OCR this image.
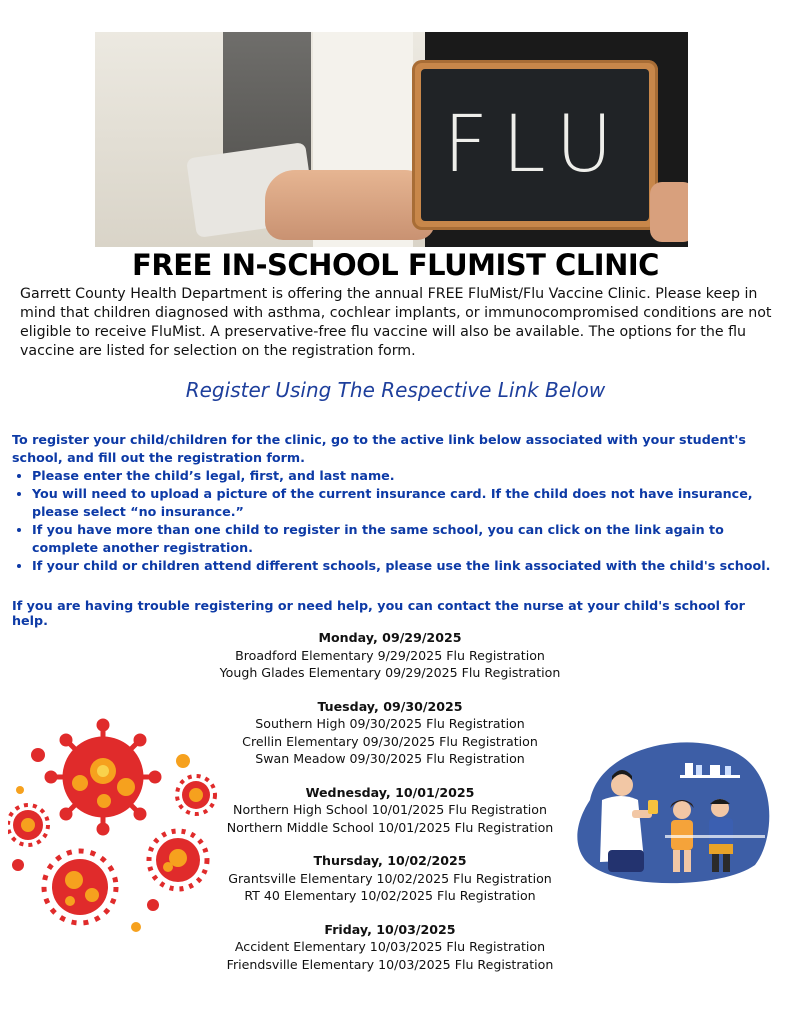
FLU
FREE IN-SCHOOL FLUMIST CLINIC
Garrett County Health Department is offering the annual FREE FluMist/Flu Vaccine Clinic. Please keep in mind that children diagnosed with asthma, cochlear implants, or immunocompromised conditions are not eligible to receive FluMist. A preservative-free flu vaccine will also be available. The options for the flu vaccine are listed for selection on the registration form.
Register Using The Respective Link Below
To register your child/children for the clinic, go to the active link below associated with your student's school, and fill out the registration form.
• Please enter the child’s legal, first, and last name.
• You will need to upload a picture of the current insurance card. If the child does not have insurance, please select “no insurance.”
• If you have more than one child to register in the same school, you can click on the link again to complete another registration.
• If your child or children attend different schools, please use the link associated with the child's school.
If you are having trouble registering or need help, you can contact the nurse at your child's school for help.
Monday, 09/29/2025
Broadford Elementary 9/29/2025 Flu Registration
Yough Glades Elementary 09/29/2025 Flu Registration
Tuesday, 09/30/2025
Southern High 09/30/2025 Flu Registration
Crellin Elementary 09/30/2025 Flu Registration
Swan Meadow 09/30/2025 Flu Registration
Wednesday, 10/01/2025
Northern High School 10/01/2025 Flu Registration
Northern Middle School 10/01/2025 Flu Registration
Thursday, 10/02/2025
Grantsville Elementary 10/02/2025 Flu Registration
RT 40 Elementary 10/02/2025 Flu Registration
Friday, 10/03/2025
Accident Elementary 10/03/2025 Flu Registration
Friendsville Elementary 10/03/2025 Flu Registration
